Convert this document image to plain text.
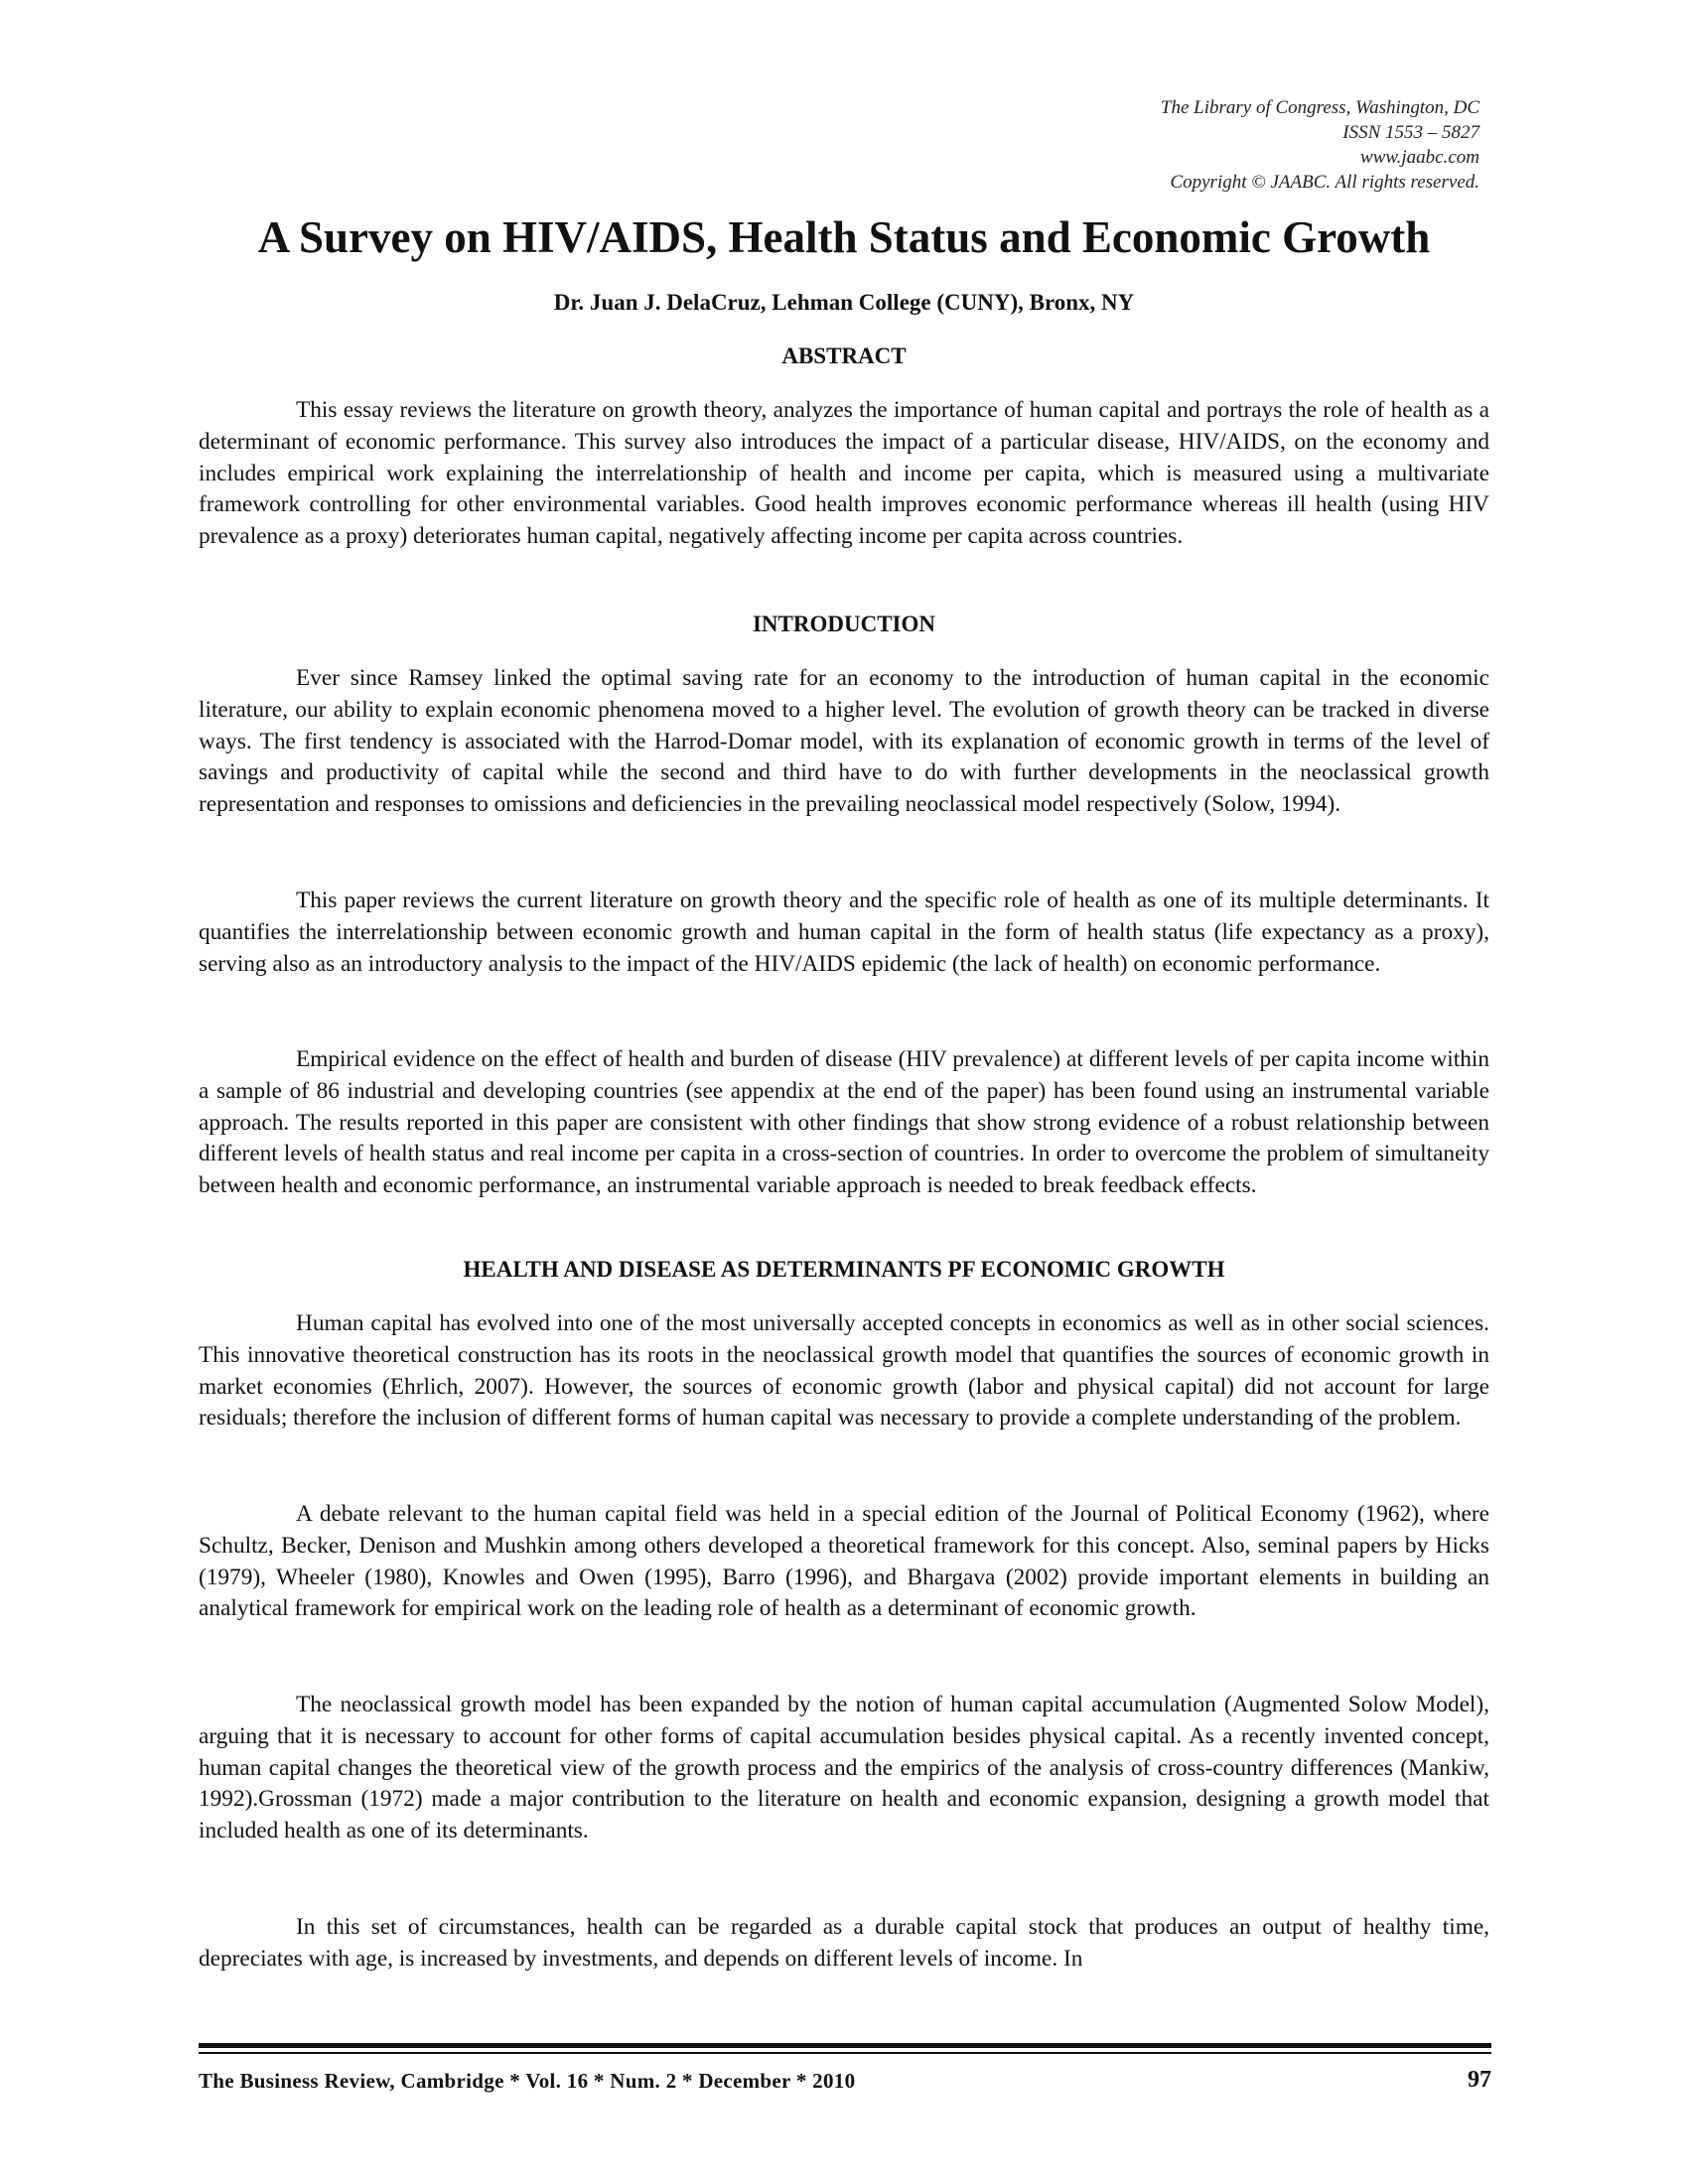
The Library of Congress, Washington, DC
ISSN 1553 – 5827
www.jaabc.com
Copyright © JAABC. All rights reserved.
A Survey on HIV/AIDS, Health Status and Economic Growth
Dr. Juan J. DelaCruz, Lehman College (CUNY), Bronx, NY
ABSTRACT

This essay reviews the literature on growth theory, analyzes the importance of human capital and portrays the role of health as a determinant of economic performance. This survey also introduces the impact of a particular disease, HIV/AIDS, on the economy and includes empirical work explaining the interrelationship of health and income per capita, which is measured using a multivariate framework controlling for other environmental variables. Good health improves economic performance whereas ill health (using HIV prevalence as a proxy) deteriorates human capital, negatively affecting income per capita across countries.

INTRODUCTION

Ever since Ramsey linked the optimal saving rate for an economy to the introduction of human capital in the economic literature, our ability to explain economic phenomena moved to a higher level. The evolution of growth theory can be tracked in diverse ways. The first tendency is associated with the Harrod-Domar model, with its explanation of economic growth in terms of the level of savings and productivity of capital while the second and third have to do with further developments in the neoclassical growth representation and responses to omissions and deficiencies in the prevailing neoclassical model respectively (Solow, 1994).

This paper reviews the current literature on growth theory and the specific role of health as one of its multiple determinants. It quantifies the interrelationship between economic growth and human capital in the form of health status (life expectancy as a proxy), serving also as an introductory analysis to the impact of the HIV/AIDS epidemic (the lack of health) on economic performance.

Empirical evidence on the effect of health and burden of disease (HIV prevalence) at different levels of per capita income within a sample of 86 industrial and developing countries (see appendix at the end of the paper) has been found using an instrumental variable approach. The results reported in this paper are consistent with other findings that show strong evidence of a robust relationship between different levels of health status and real income per capita in a cross-section of countries. In order to overcome the problem of simultaneity between health and economic performance, an instrumental variable approach is needed to break feedback effects.

HEALTH AND DISEASE AS DETERMINANTS PF ECONOMIC GROWTH

Human capital has evolved into one of the most universally accepted concepts in economics as well as in other social sciences. This innovative theoretical construction has its roots in the neoclassical growth model that quantifies the sources of economic growth in market economies (Ehrlich, 2007). However, the sources of economic growth (labor and physical capital) did not account for large residuals; therefore the inclusion of different forms of human capital was necessary to provide a complete understanding of the problem.

A debate relevant to the human capital field was held in a special edition of the Journal of Political Economy (1962), where Schultz, Becker, Denison and Mushkin among others developed a theoretical framework for this concept. Also, seminal papers by Hicks (1979), Wheeler (1980), Knowles and Owen (1995), Barro (1996), and Bhargava (2002) provide important elements in building an analytical framework for empirical work on the leading role of health as a determinant of economic growth.

The neoclassical growth model has been expanded by the notion of human capital accumulation (Augmented Solow Model), arguing that it is necessary to account for other forms of capital accumulation besides physical capital. As a recently invented concept, human capital changes the theoretical view of the growth process and the empirics of the analysis of cross-country differences (Mankiw, 1992).Grossman (1972) made a major contribution to the literature on health and economic expansion, designing a growth model that included health as one of its determinants.

In this set of circumstances, health can be regarded as a durable capital stock that produces an output of healthy time, depreciates with age, is increased by investments, and depends on different levels of income. In

The Business Review, Cambridge * Vol. 16 * Num. 2 * December * 2010	97
